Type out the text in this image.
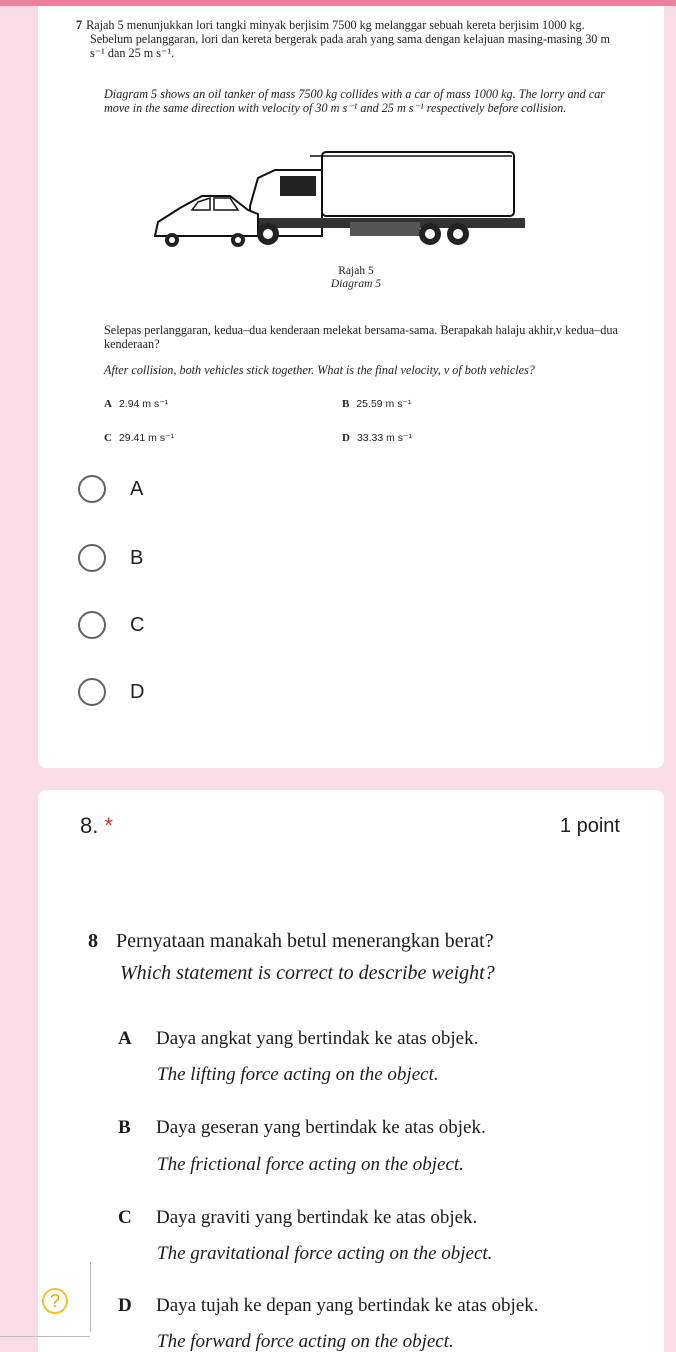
7 Rajah 5 menunjukkan lori tangki minyak berjisim 7500 kg melanggar sebuah kereta berjisim 1000 kg. Sebelum pelanggaran, lori dan kereta bergerak pada arah yang sama dengan kelajuan masing-masing 30 m s⁻¹ dan 25 m s⁻¹.
Diagram 5 shows an oil tanker of mass 7500 kg collides with a car of mass 1000 kg. The lorry and car move in the same direction with velocity of 30 m s⁻¹ and 25 m s⁻¹ respectively before collision.
Rajah 5
Diagram 5
Selepas perlanggaran, kedua–dua kenderaan melekat bersama-sama. Berapakah halaju akhir,v kedua–dua kenderaan?
After collision, both vehicles stick together. What is the final velocity, v of both vehicles?
A 2.94 m s⁻¹	B 25.59 m s⁻¹
C 29.41 m s⁻¹	D 33.33 m s⁻¹
A
B
C
D
8. *	1 point
8 Pernyataan manakah betul menerangkan berat?
Which statement is correct to describe weight?
A Daya angkat yang bertindak ke atas objek.
The lifting force acting on the object.
B Daya geseran yang bertindak ke atas objek.
The frictional force acting on the object.
C Daya graviti yang bertindak ke atas objek.
The gravitational force acting on the object.
D Daya tujah ke depan yang bertindak ke atas objek.
The forward force acting on the object.
?
